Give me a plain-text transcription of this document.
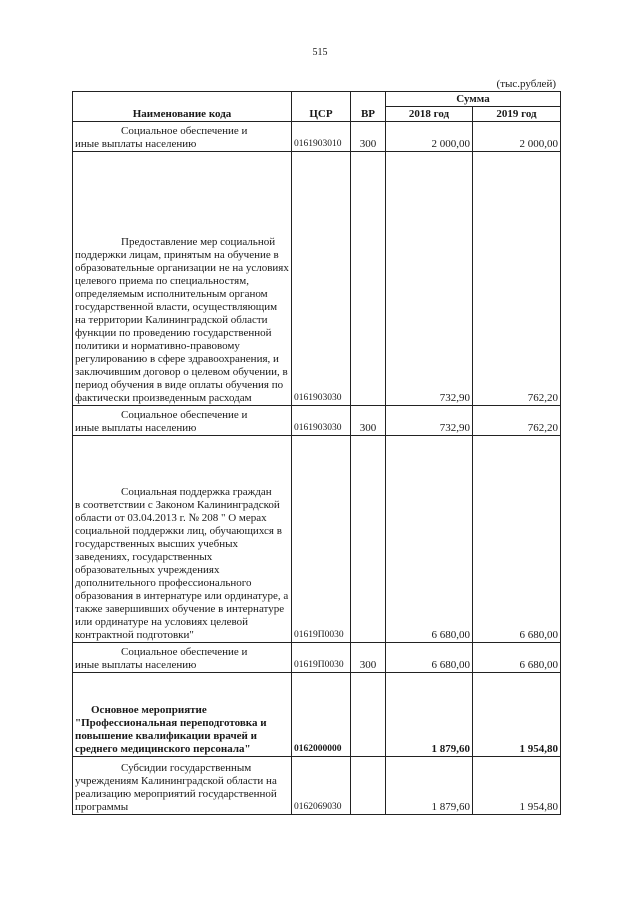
515
(тыс.рублей)
Наименование кода	ЦСР	ВР	Сумма	
			2018 год	2019 год
Социальное обеспечение и
иные выплаты населению	0161903010	300	2 000,00	2 000,00
Предоставление мер социальной
поддержки лицам, принятым на обучение в образовательные организации не на условиях целевого приема по специальностям, определяемым исполнительным органом государственной власти, осуществляющим на территории Калининградской области функции по проведению государственной политики и нормативно-правовому регулированию в сфере здравоохранения, и заключившим договор о целевом обучении, в период обучения в виде оплаты обучения по фактически произведенным расходам	0161903030		732,90	762,20
Социальное обеспечение и
иные выплаты населению	0161903030	300	732,90	762,20
Социальная поддержка граждан
в соответствии с Законом Калининградской области от 03.04.2013 г. № 208 " О мерах социальной поддержки лиц, обучающихся в государственных высших учебных заведениях, государственных образовательных учреждениях дополнительного профессионального образования в интернатуре или ординатуре, а также завершивших обучение в интернатуре или ординатуре на условиях целевой контрактной подготовки"	01619П0030		6 680,00	6 680,00
Социальное обеспечение и
иные выплаты населению	01619П0030	300	6 680,00	6 680,00
Основное мероприятие
"Профессиональная переподготовка и повышение квалификации врачей и среднего медицинского персонала"	0162000000		1 879,60	1 954,80
Субсидии государственным
учреждениям Калининградской области на реализацию мероприятий государственной программы	0162069030		1 879,60	1 954,80
